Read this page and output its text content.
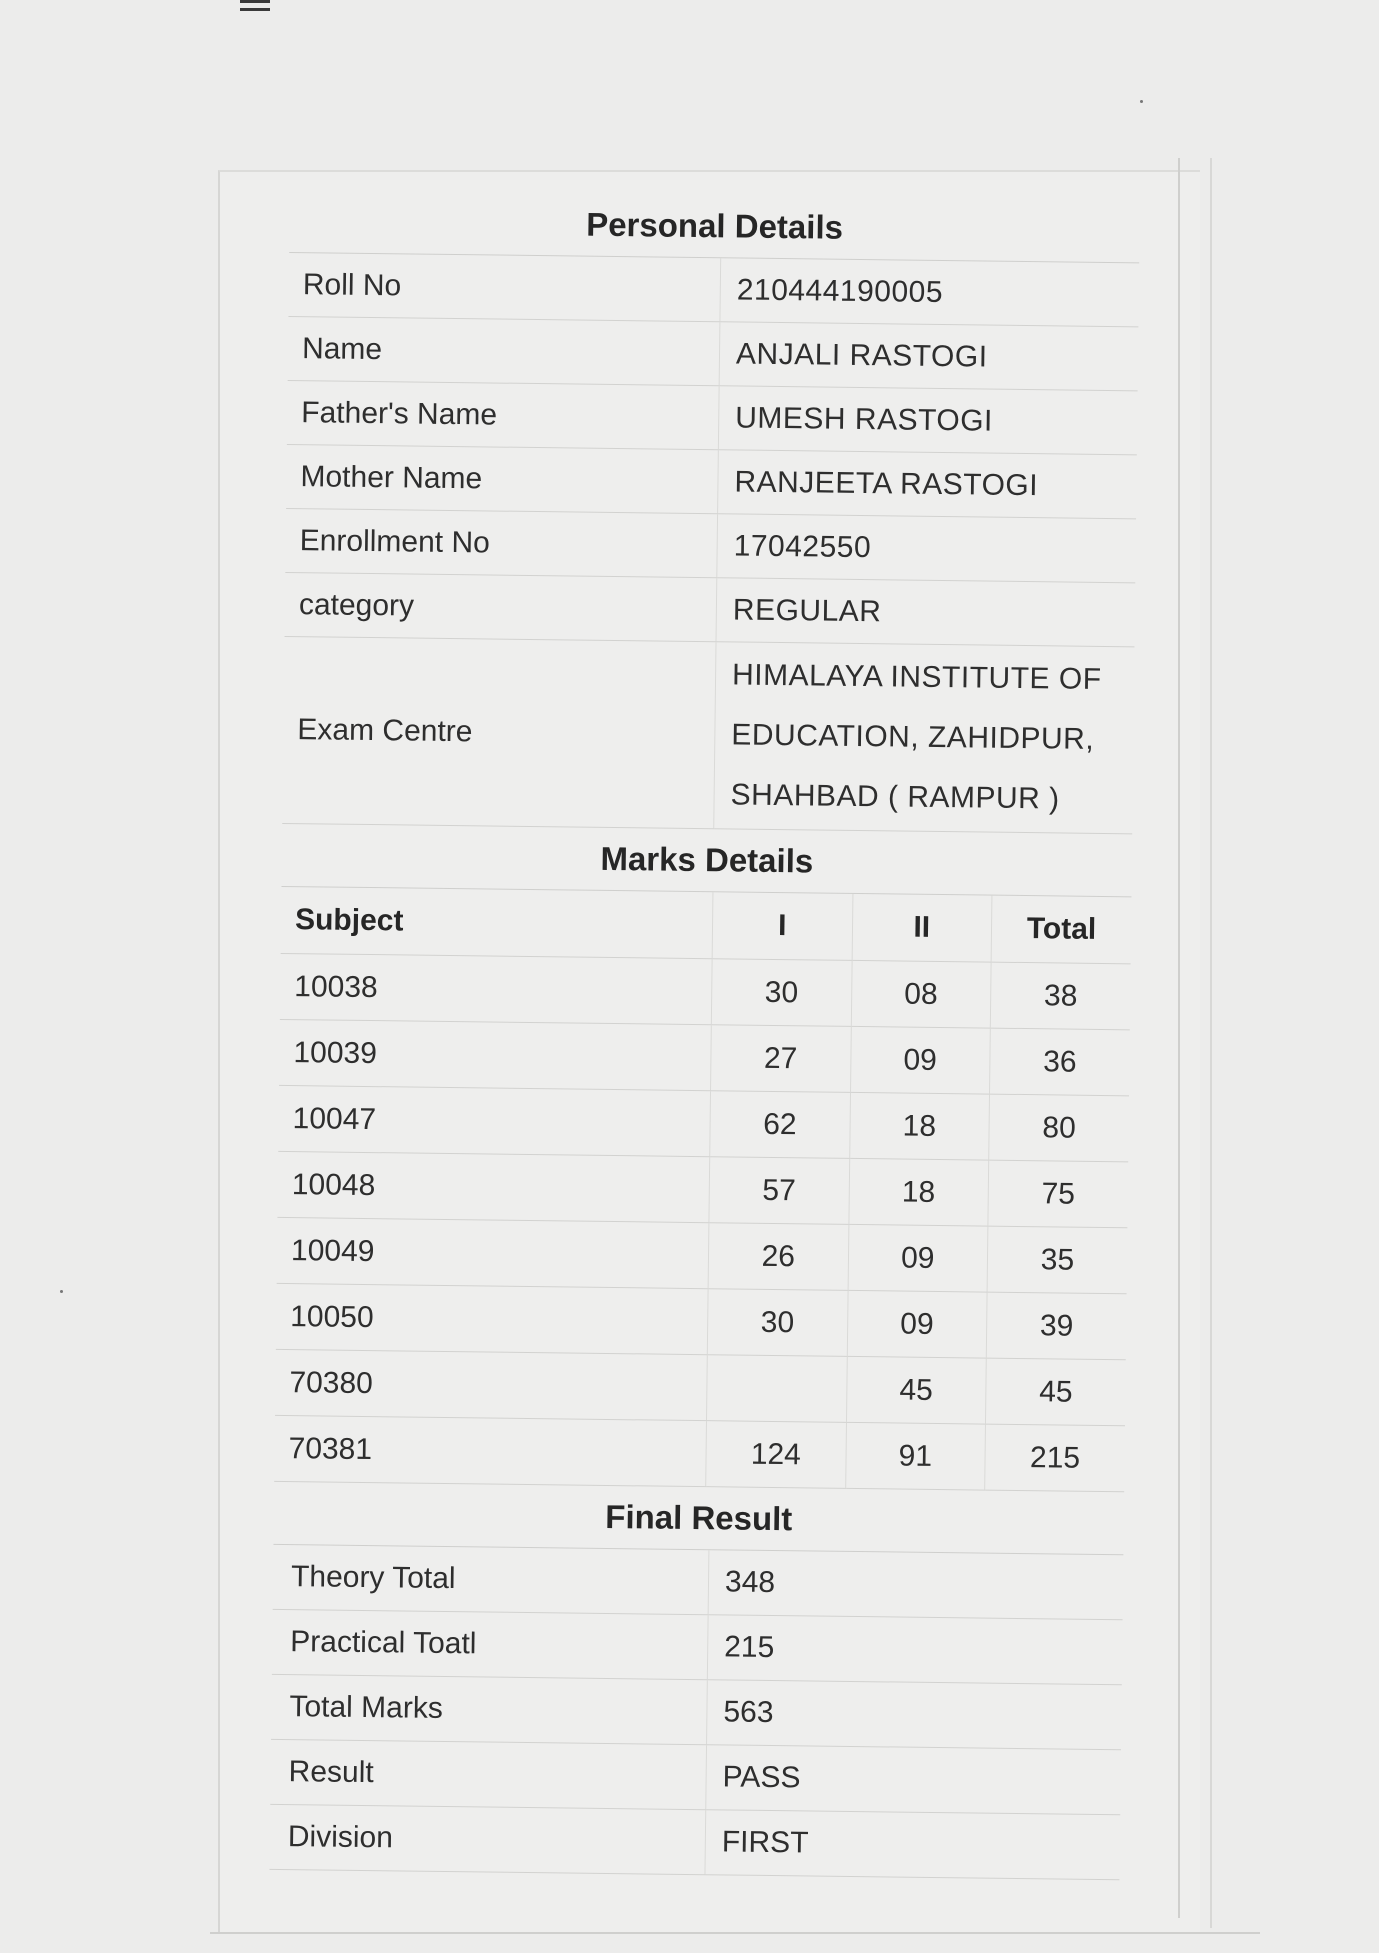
Personal Details
Roll No	210444190005
Name	ANJALI RASTOGI
Father's Name	UMESH RASTOGI
Mother Name	RANJEETA RASTOGI
Enrollment No	17042550
category	REGULAR
Exam Centre	HIMALAYA INSTITUTE OF
EDUCATION, ZAHIDPUR,
SHAHBAD ( RAMPUR )
Marks Details
Subject	I	II	Total
10038	30	08	38
10039	27	09	36
10047	62	18	80
10048	57	18	75
10049	26	09	35
10050	30	09	39
70380		45	45
70381	124	91	215
Final Result
Theory Total	348
Practical Toatl	215
Total Marks	563
Result	PASS
Division	FIRST
